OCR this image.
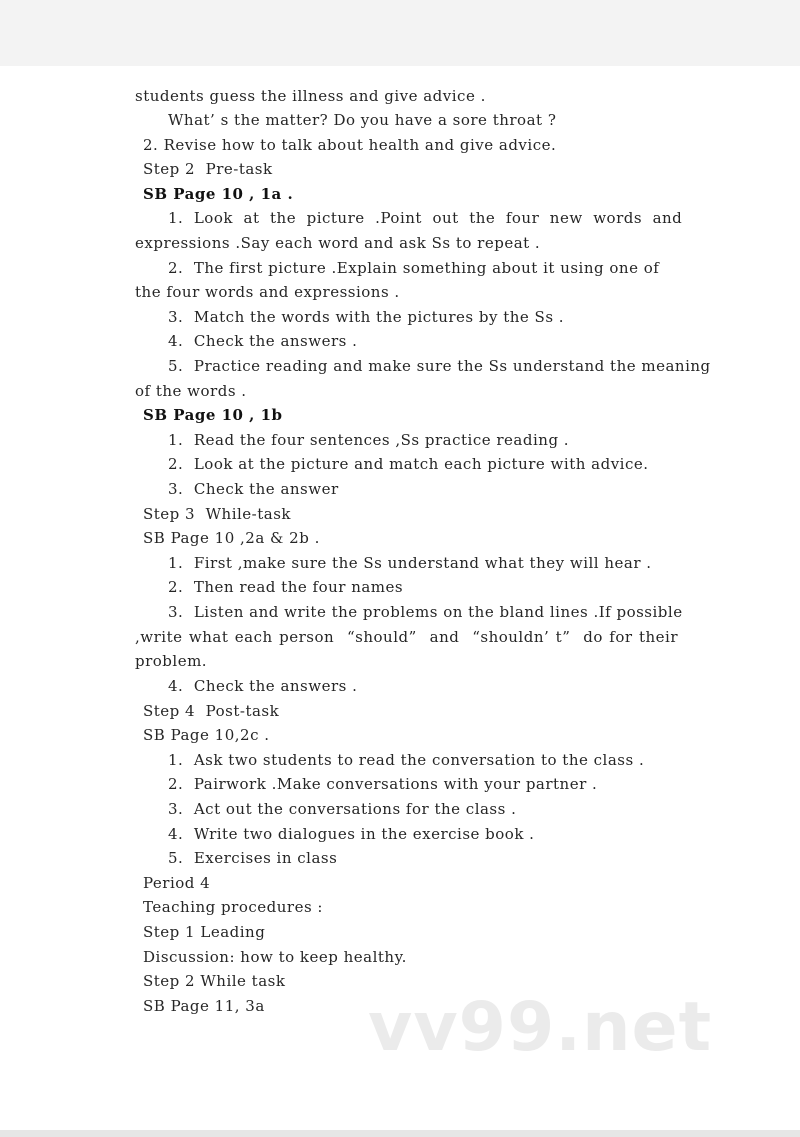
students guess the illness and give advice .
What’ s the matter? Do you have a sore throat ?
2. Revise how to talk about health and give advice.
Step 2  Pre-task
SB Page 10 , 1a .
1.  Look  at  the  picture  .Point  out  the  four  new  words  and
expressions .Say each word and ask Ss to repeat .
2.  The first picture .Explain something about it using one of
the four words and expressions .
3.  Match the words with the pictures by the Ss .
4.  Check the answers .
5.  Practice reading and make sure the Ss understand the meaning
of the words .
SB Page 10 , 1b
1.  Read the four sentences ,Ss practice reading .
2.  Look at the picture and match each picture with advice.
3.  Check the answer
Step 3  While-task
SB Page 10 ,2a & 2b .
1.  First ,make sure the Ss understand what they will hear .
2.  Then read the four names
3.  Listen and write the problems on the bland lines .If possible
,write what each person  “should”  and  “shouldn’ t”  do for their
problem.
4.  Check the answers .
Step 4  Post-task
SB Page 10,2c .
1.  Ask two students to read the conversation to the class .
2.  Pairwork .Make conversations with your partner .
3.  Act out the conversations for the class .
4.  Write two dialogues in the exercise book .
5.  Exercises in class
Period 4
Teaching procedures :
Step 1 Leading
Discussion: how to keep healthy.
Step 2 While task
SB Page 11, 3a vv99.net
